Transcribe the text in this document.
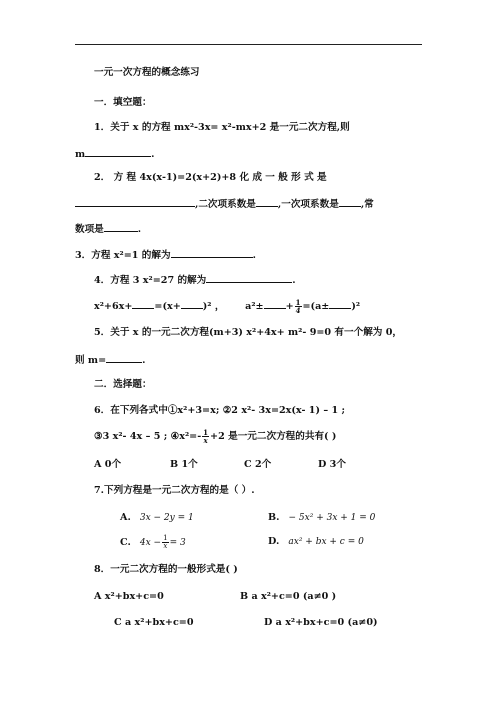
一元一次方程的概念练习
一．填空题：
1．关于 x 的方程 mx²-3x= x²-mx+2 是一元二次方程,则
m	.
2． 方 程 4x(x-1)=2(x+2)+8 化 成 一 般 形 式 是
,二次项系数是 ,一次项系数是 ,常
数项是	.
3．方程 x²=1 的解为	.
4．方程 3 x²=27 的解为	.
x²+6x+ =(x+ )² ， $a^2\pm + \frac{1}{4} =(a\pm )^2$
5．关于 x 的一元二次方程(m+3) x²+4x+ m²- 9=0 有一个解为 0，
则 m=	.
二．选择题：
6．在下列各式中①x²+3=x; ②2 x²- 3x=2x(x- 1) – 1 ;
③3 x²- 4x – 5 ; ④x²=- $\frac{1}{x} +2$ 是一元二次方程的共有( )
A 0个	B 1个	C 2个	D 3个
7.下列方程是一元二次方程的是（ ）.
A. 3x − 2y = 1	B. − 5x² + 3x + 1 = 0
C. $4x - \frac{1}{x} = 3$	D. ax² + bx + c = 0
8．一元二次方程的一般形式是( )
A x²+bx+c=0	B a x²+c=0 (a≠0 )
C a x²+bx+c=0	D a x²+bx+c=0 (a≠0)
